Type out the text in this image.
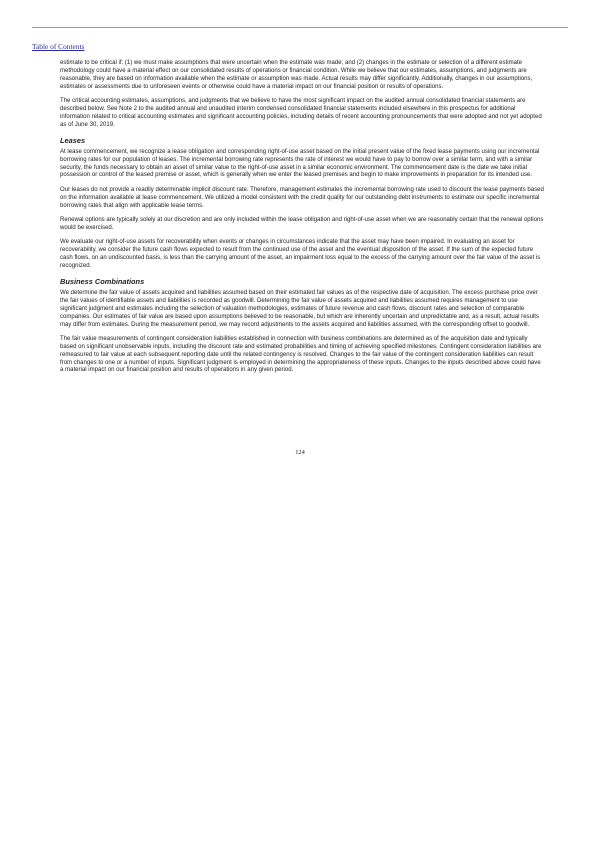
Table of Contents

estimate to be critical if: (1) we must make assumptions that were uncertain when the estimate was made; and (2) changes in the estimate or selection of a different estimate methodology could have a material effect on our consolidated results of operations or financial condition. While we believe that our estimates, assumptions, and judgments are reasonable, they are based on information available when the estimate or assumption was made. Actual results may differ significantly. Additionally, changes in our assumptions, estimates or assessments due to unforeseen events or otherwise could have a material impact on our financial position or results of operations.

The critical accounting estimates, assumptions, and judgments that we believe to have the most significant impact on the audited annual consolidated financial statements are described below. See Note 2 to the audited annual and unaudited interim condensed consolidated financial statements included elsewhere in this prospectus for additional information related to critical accounting estimates and significant accounting policies, including details of recent accounting pronouncements that were adopted and not yet adopted as of June 30, 2019.

Leases

At lease commencement, we recognize a lease obligation and corresponding right-of-use asset based on the initial present value of the fixed lease payments using our incremental borrowing rates for our population of leases. The incremental borrowing rate represents the rate of interest we would have to pay to borrow over a similar term, and with a similar security, the funds necessary to obtain an asset of similar value to the right-of-use asset in a similar economic environment. The commencement date is the date we take initial possession or control of the leased premise or asset, which is generally when we enter the leased premises and begin to make improvements in preparation for its intended use.

Our leases do not provide a readily determinable implicit discount rate. Therefore, management estimates the incremental borrowing rate used to discount the lease payments based on the information available at lease commencement. We utilized a model consistent with the credit quality for our outstanding debt instruments to estimate our specific incremental borrowing rates that align with applicable lease terms.

Renewal options are typically solely at our discretion and are only included within the lease obligation and right-of-use asset when we are reasonably certain that the renewal options would be exercised.

We evaluate our right-of-use assets for recoverability when events or changes in circumstances indicate that the asset may have been impaired. In evaluating an asset for recoverability, we consider the future cash flows expected to result from the continued use of the asset and the eventual disposition of the asset. If the sum of the expected future cash flows, on an undiscounted basis, is less than the carrying amount of the asset, an impairment loss equal to the excess of the carrying amount over the fair value of the asset is recognized.

Business Combinations

We determine the fair value of assets acquired and liabilities assumed based on their estimated fair values as of the respective date of acquisition. The excess purchase price over the fair values of identifiable assets and liabilities is recorded as goodwill. Determining the fair value of assets acquired and liabilities assumed requires management to use significant judgment and estimates including the selection of valuation methodologies, estimates of future revenue and cash flows, discount rates and selection of comparable companies. Our estimates of fair value are based upon assumptions believed to be reasonable, but which are inherently uncertain and unpredictable and, as a result, actual results may differ from estimates. During the measurement period, we may record adjustments to the assets acquired and liabilities assumed, with the corresponding offset to goodwill.

The fair value measurements of contingent consideration liabilities established in connection with business combinations are determined as of the acquisition date and typically based on significant unobservable inputs, including the discount rate and estimated probabilities and timing of achieving specified milestones. Contingent consideration liabilities are remeasured to fair value at each subsequent reporting date until the related contingency is resolved. Changes to the fair value of the contingent consideration liabilities can result from changes to one or a number of inputs. Significant judgment is employed in determining the appropriateness of these inputs. Changes to the inputs described above could have a material impact on our financial position and results of operations in any given period.

124
